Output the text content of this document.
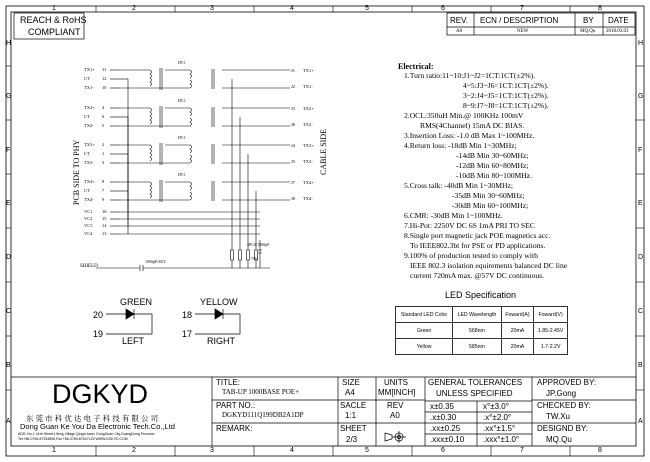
1
1
2
2
3
3
4
4
5
5
6
6
7
7
8
8
H	H
G	G
F	F
E	E
D	D
C	C
B	B
A	A
REACH & RoHS
COMPLIANT
REV. ECN / DESCRIPTION	BY DATE
A0	NEW	MQ.Qu 2018.03.03
PCB SIDE TO PHY	CABLE SIDE
TX1+ 11
CT	12
TX1- 10
TX2+ 4
CT	6
TX2- 5
TX3+ 2
CT	1
TX3- 3
TX4+ 8
CT	7
TX4- 9
VC1 16
VC2 15
VC3 14
VC4 13
J1 TX1+
J2 TX1-
HT:1
J3 TX2+
J6 TX2-
HT:1
J4 TX3+
J5 TX3-
HT:1
J7 TX4+
J8 TX4-
HT:1
75Ω
SHIELD
1000pF/2KV
4PCS/1000pF
Electrical:
1.Turn ratio:11~10:J1~J2=1CT:1CT(±2%).
4~5:J3~J6=1CT:1CT(±2%).
3~2:J4~J5=1CT:1CT(±2%).
8~9:J7~J8=1CT:1CT(±2%).
2.OCL:350uH Min.@ 100KHz 100mV
RMS(4Channel) 15mA DC BIAS.
3.Insertion Loss: -1.0 dB Max 1~100MHz.
4.Return loss: -18dB Min 1~30MHz;
-14dB Min 30~60MHz;
-12dB Min 60~80MHz;
-10dB Min 80~100MHz.
5.Cross talk: -40dB Min 1~30MHz;
-35dB Min 30~60MHz;
-30dB Min 60~100MHz;
6.CMR: -30dB Min 1~100MHz.
7.Hi-Pot: 2250V DC 6S 1mA PRI TO SEC
8.Single port magnetic jack POE magnetics acc.
To IEEE802.3bt for PSE or PD applications.
9.100% of production tested to comply with
IEEE 802.3 isolation equirements balanced DC line
current 720mA max. @57V DC continuous.
LED Specification
Standard LED Color	LED Wavelength	Foward(A)	Foward(V)
Green	568nm	20mA	1.85-2.45V
Yellow	585nm	20mA	1.7-2.2V
GREEN
20
19
LEFT
YELLOW
18
17
RIGHT
DGKYD
东 莞 市 科 优 达 电 子 科 技 有 限 公 司
Dong Guan Ke You Da Electronic Tech.Co.,Ltd
ADD.:No.1 LiHe Street,Lifeng Village,Qingxi town, DongGuan City,GuangDong Province
Tel:+86-0769-87334696,Fax:+86-0769-87647129 WWW.DGKYD.COM
TITLE:
TAB-UP 1000BASE POE+
PART NO.:
DGKYD111Q199DB2A1DP
REMARK:
SIZE
A4
UNITS
MM[INCH]
SACLE
1:1
REV
A0
SHEET
2/3
GENERAL TOLERANCES
UNLESS SPECIFIED
x±0.35	x°±3.0°
.x±0.30	.x°±2.0°
.xx±0.25	.xx°±1.5°
.xxx±0.10 .xxx°±1.0°
APPROVED BY:
JP.Gong
CHECKED BY:
TW.Xu
DESIGND BY:
MQ.Qu
